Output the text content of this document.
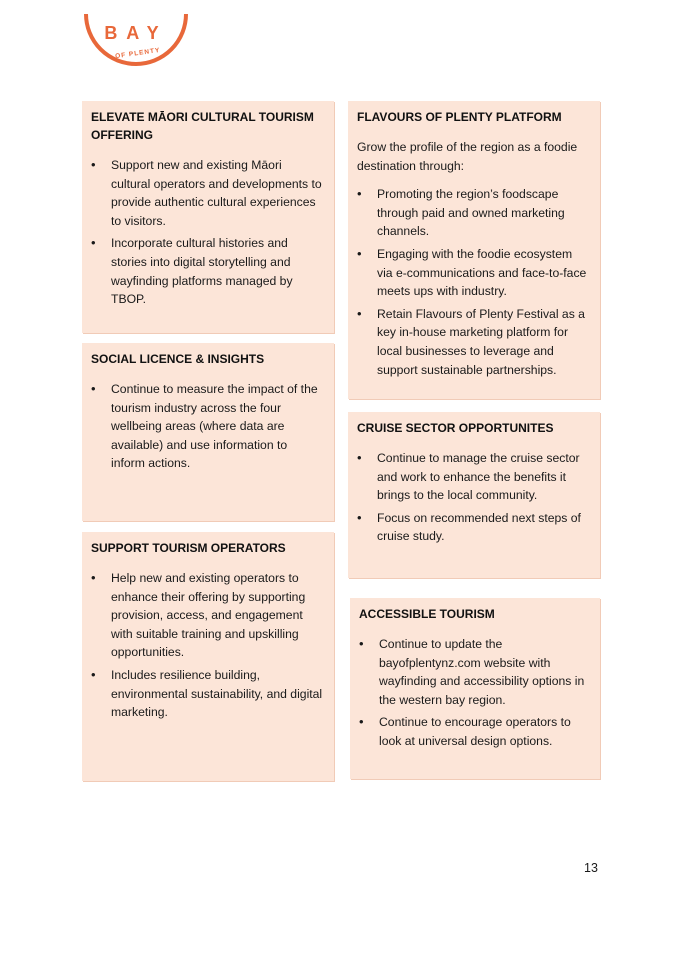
BAY
OF PLENTY
ELEVATE MĀORI CULTURAL TOURISM OFFERING
• Support new and existing Māori cultural operators and developments to provide authentic cultural experiences to visitors.
• Incorporate cultural histories and stories into digital storytelling and wayfinding platforms managed by TBOP.
SOCIAL LICENCE & INSIGHTS
• Continue to measure the impact of the tourism industry across the four wellbeing areas (where data are available) and use information to inform actions.
SUPPORT TOURISM OPERATORS
• Help new and existing operators to enhance their offering by supporting provision, access, and engagement with suitable training and upskilling opportunities.
• Includes resilience building, environmental sustainability, and digital marketing.
FLAVOURS OF PLENTY PLATFORM

Grow the profile of the region as a foodie destination through:

• Promoting the region’s foodscape through paid and owned marketing channels.
• Engaging with the foodie ecosystem via e-communications and face-to-face meets ups with industry.
• Retain Flavours of Plenty Festival as a key in-house marketing platform for local businesses to leverage and support sustainable partnerships.
CRUISE SECTOR OPPORTUNITES
• Continue to manage the cruise sector and work to enhance the benefits it brings to the local community.
• Focus on recommended next steps of cruise study.
ACCESSIBLE TOURISM
• Continue to update the bayofplentynz.com website with wayfinding and accessibility options in the western bay region.
• Continue to encourage operators to look at universal design options.
13
